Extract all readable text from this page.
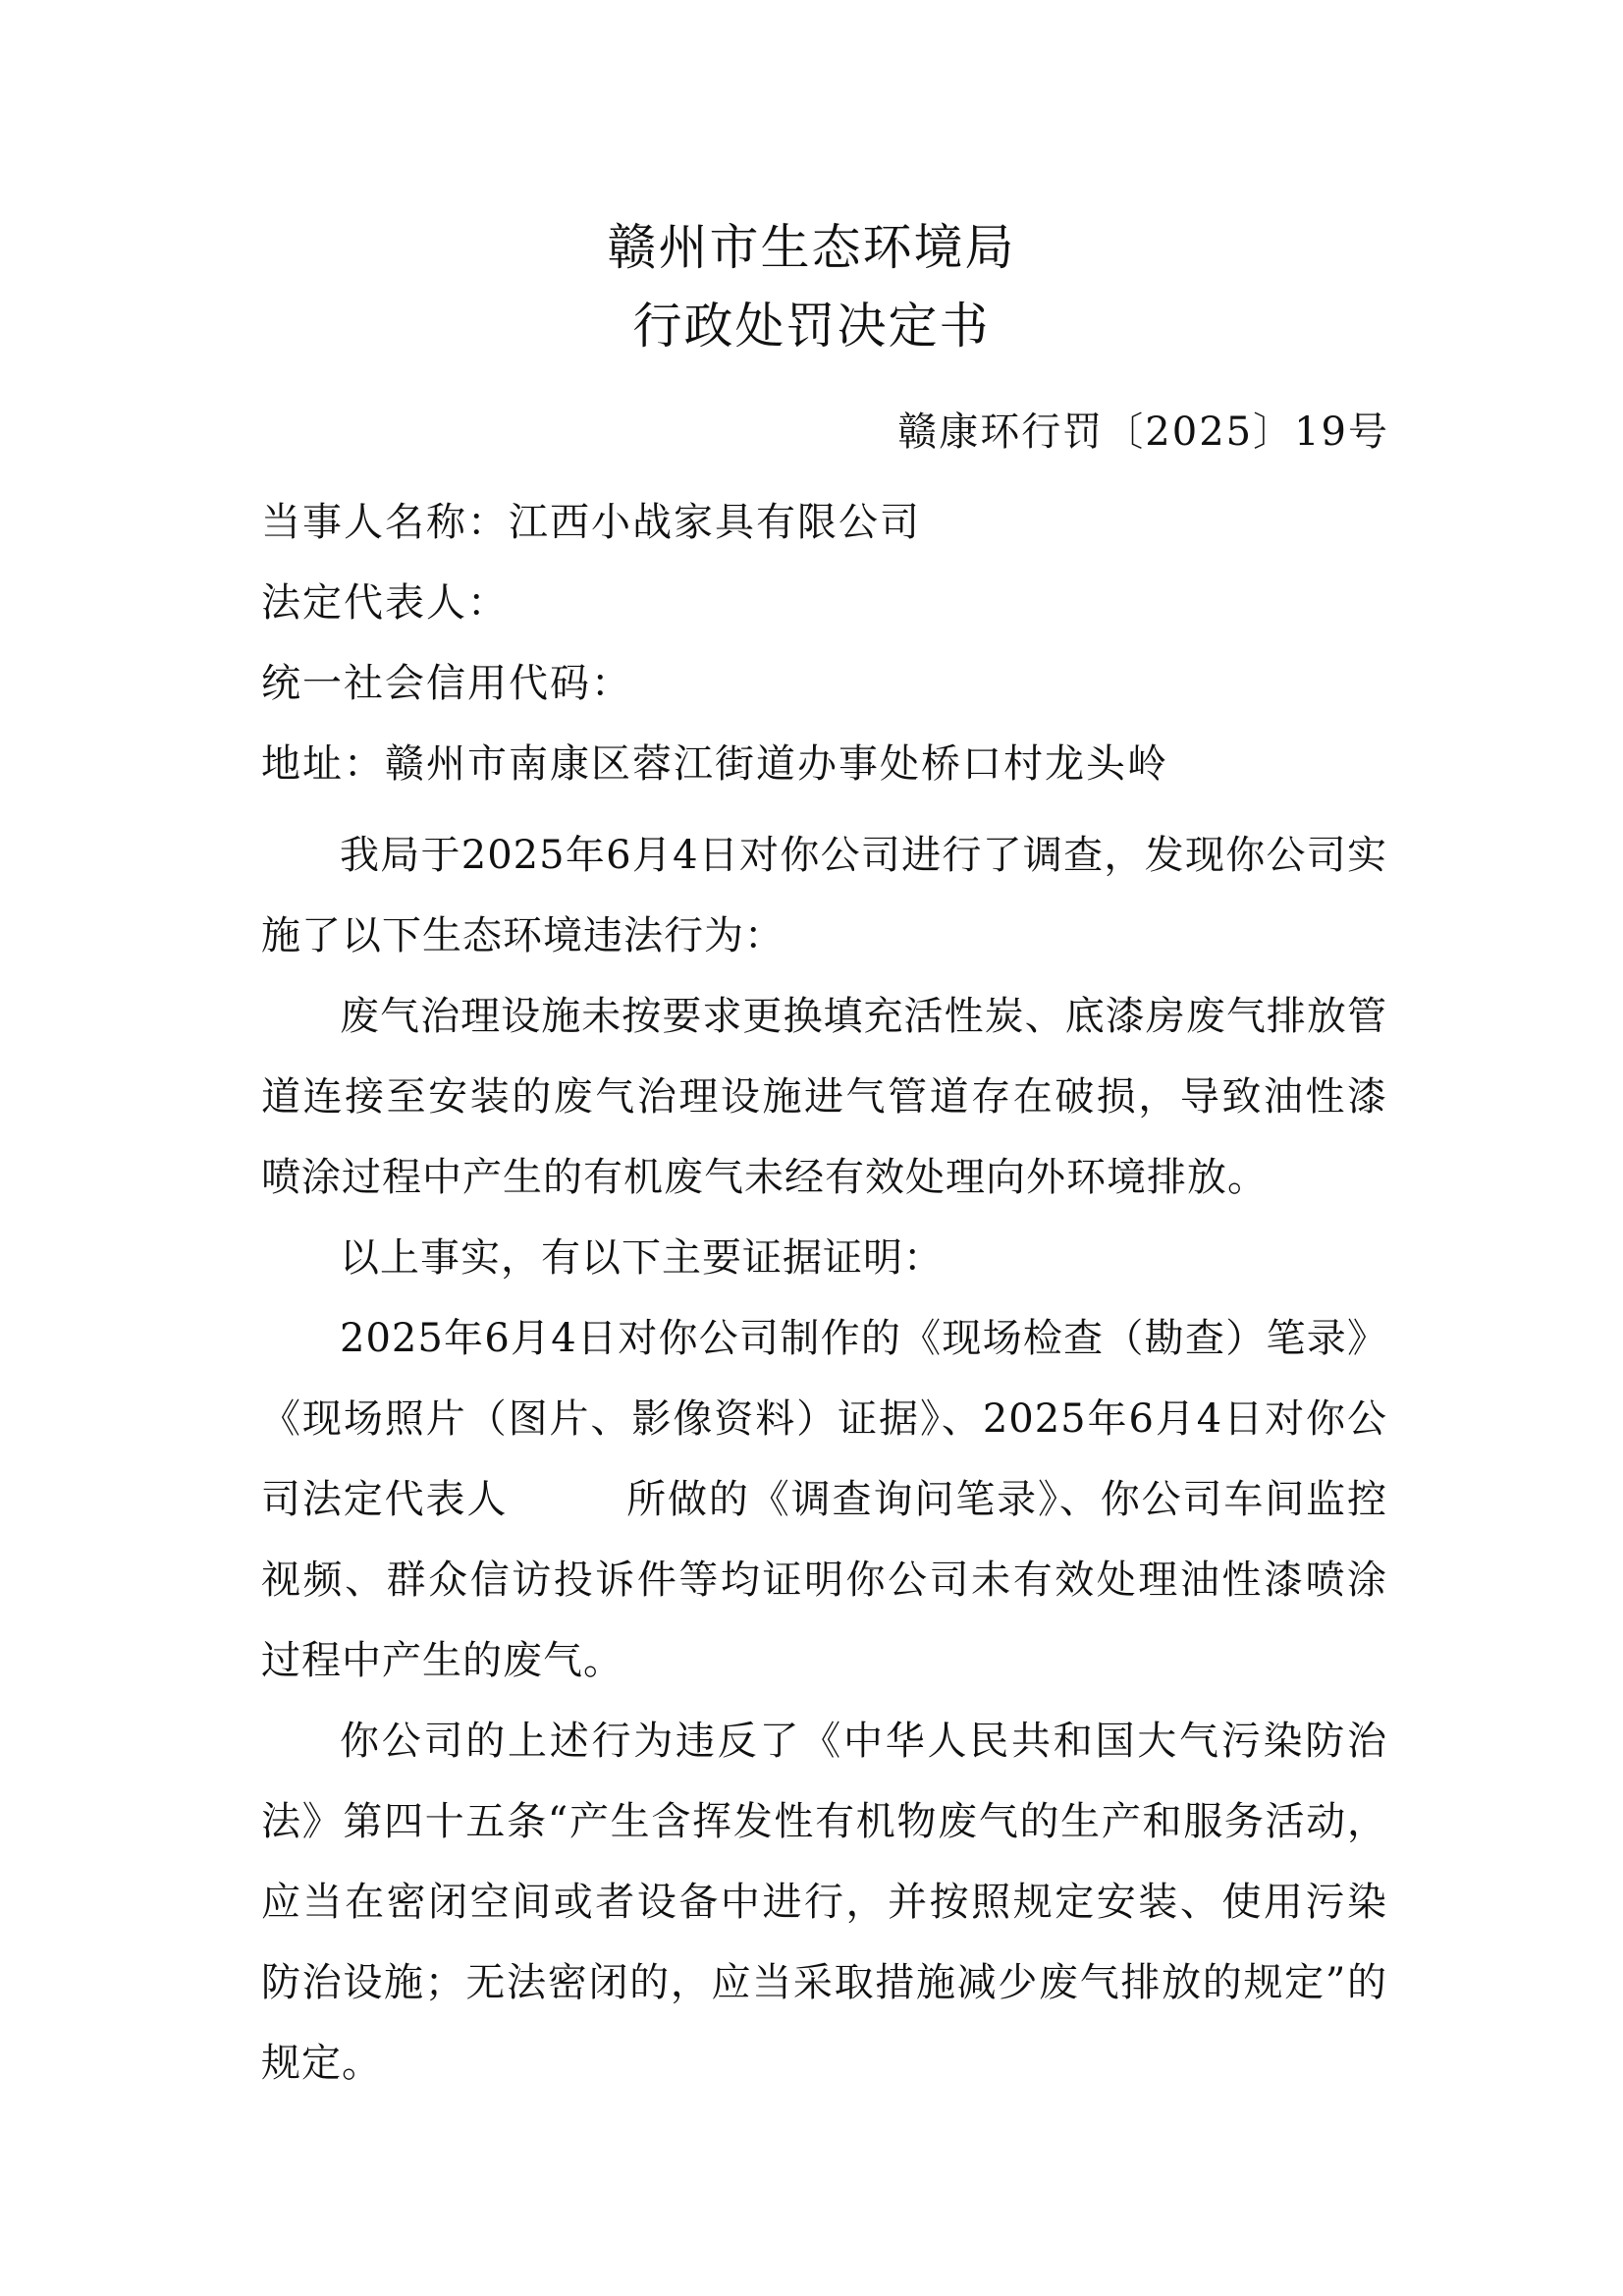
赣州市生态环境局
行政处罚决定书
赣康环行罚〔2025〕19号
当事人名称：江西小战家具有限公司
法定代表人：
统一社会信用代码：
地址：赣州市南康区蓉江街道办事处桥口村龙头岭

我局于2025年6月4日对你公司进行了调查，发现你公司实施了以下生态环境违法行为：

废气治理设施未按要求更换填充活性炭、底漆房废气排放管道连接至安装的废气治理设施进气管道存在破损，导致油性漆喷涂过程中产生的有机废气未经有效处理向外环境排放。

以上事实，有以下主要证据证明：

2025年6月4日对你公司制作的《现场检查（勘查）笔录》《现场照片（图片、影像资料）证据》、2025年6月4日对你公司法定代表人	所做的《调查询问笔录》、你公司车间监控视频、群众信访投诉件等均证明你公司未有效处理油性漆喷涂过程中产生的废气。

你公司的上述行为违反了《中华人民共和国大气污染防治法》第四十五条“产生含挥发性有机物废气的生产和服务活动，应当在密闭空间或者设备中进行，并按照规定安装、使用污染防治设施；无法密闭的，应当采取措施减少废气排放的规定”的规定。
